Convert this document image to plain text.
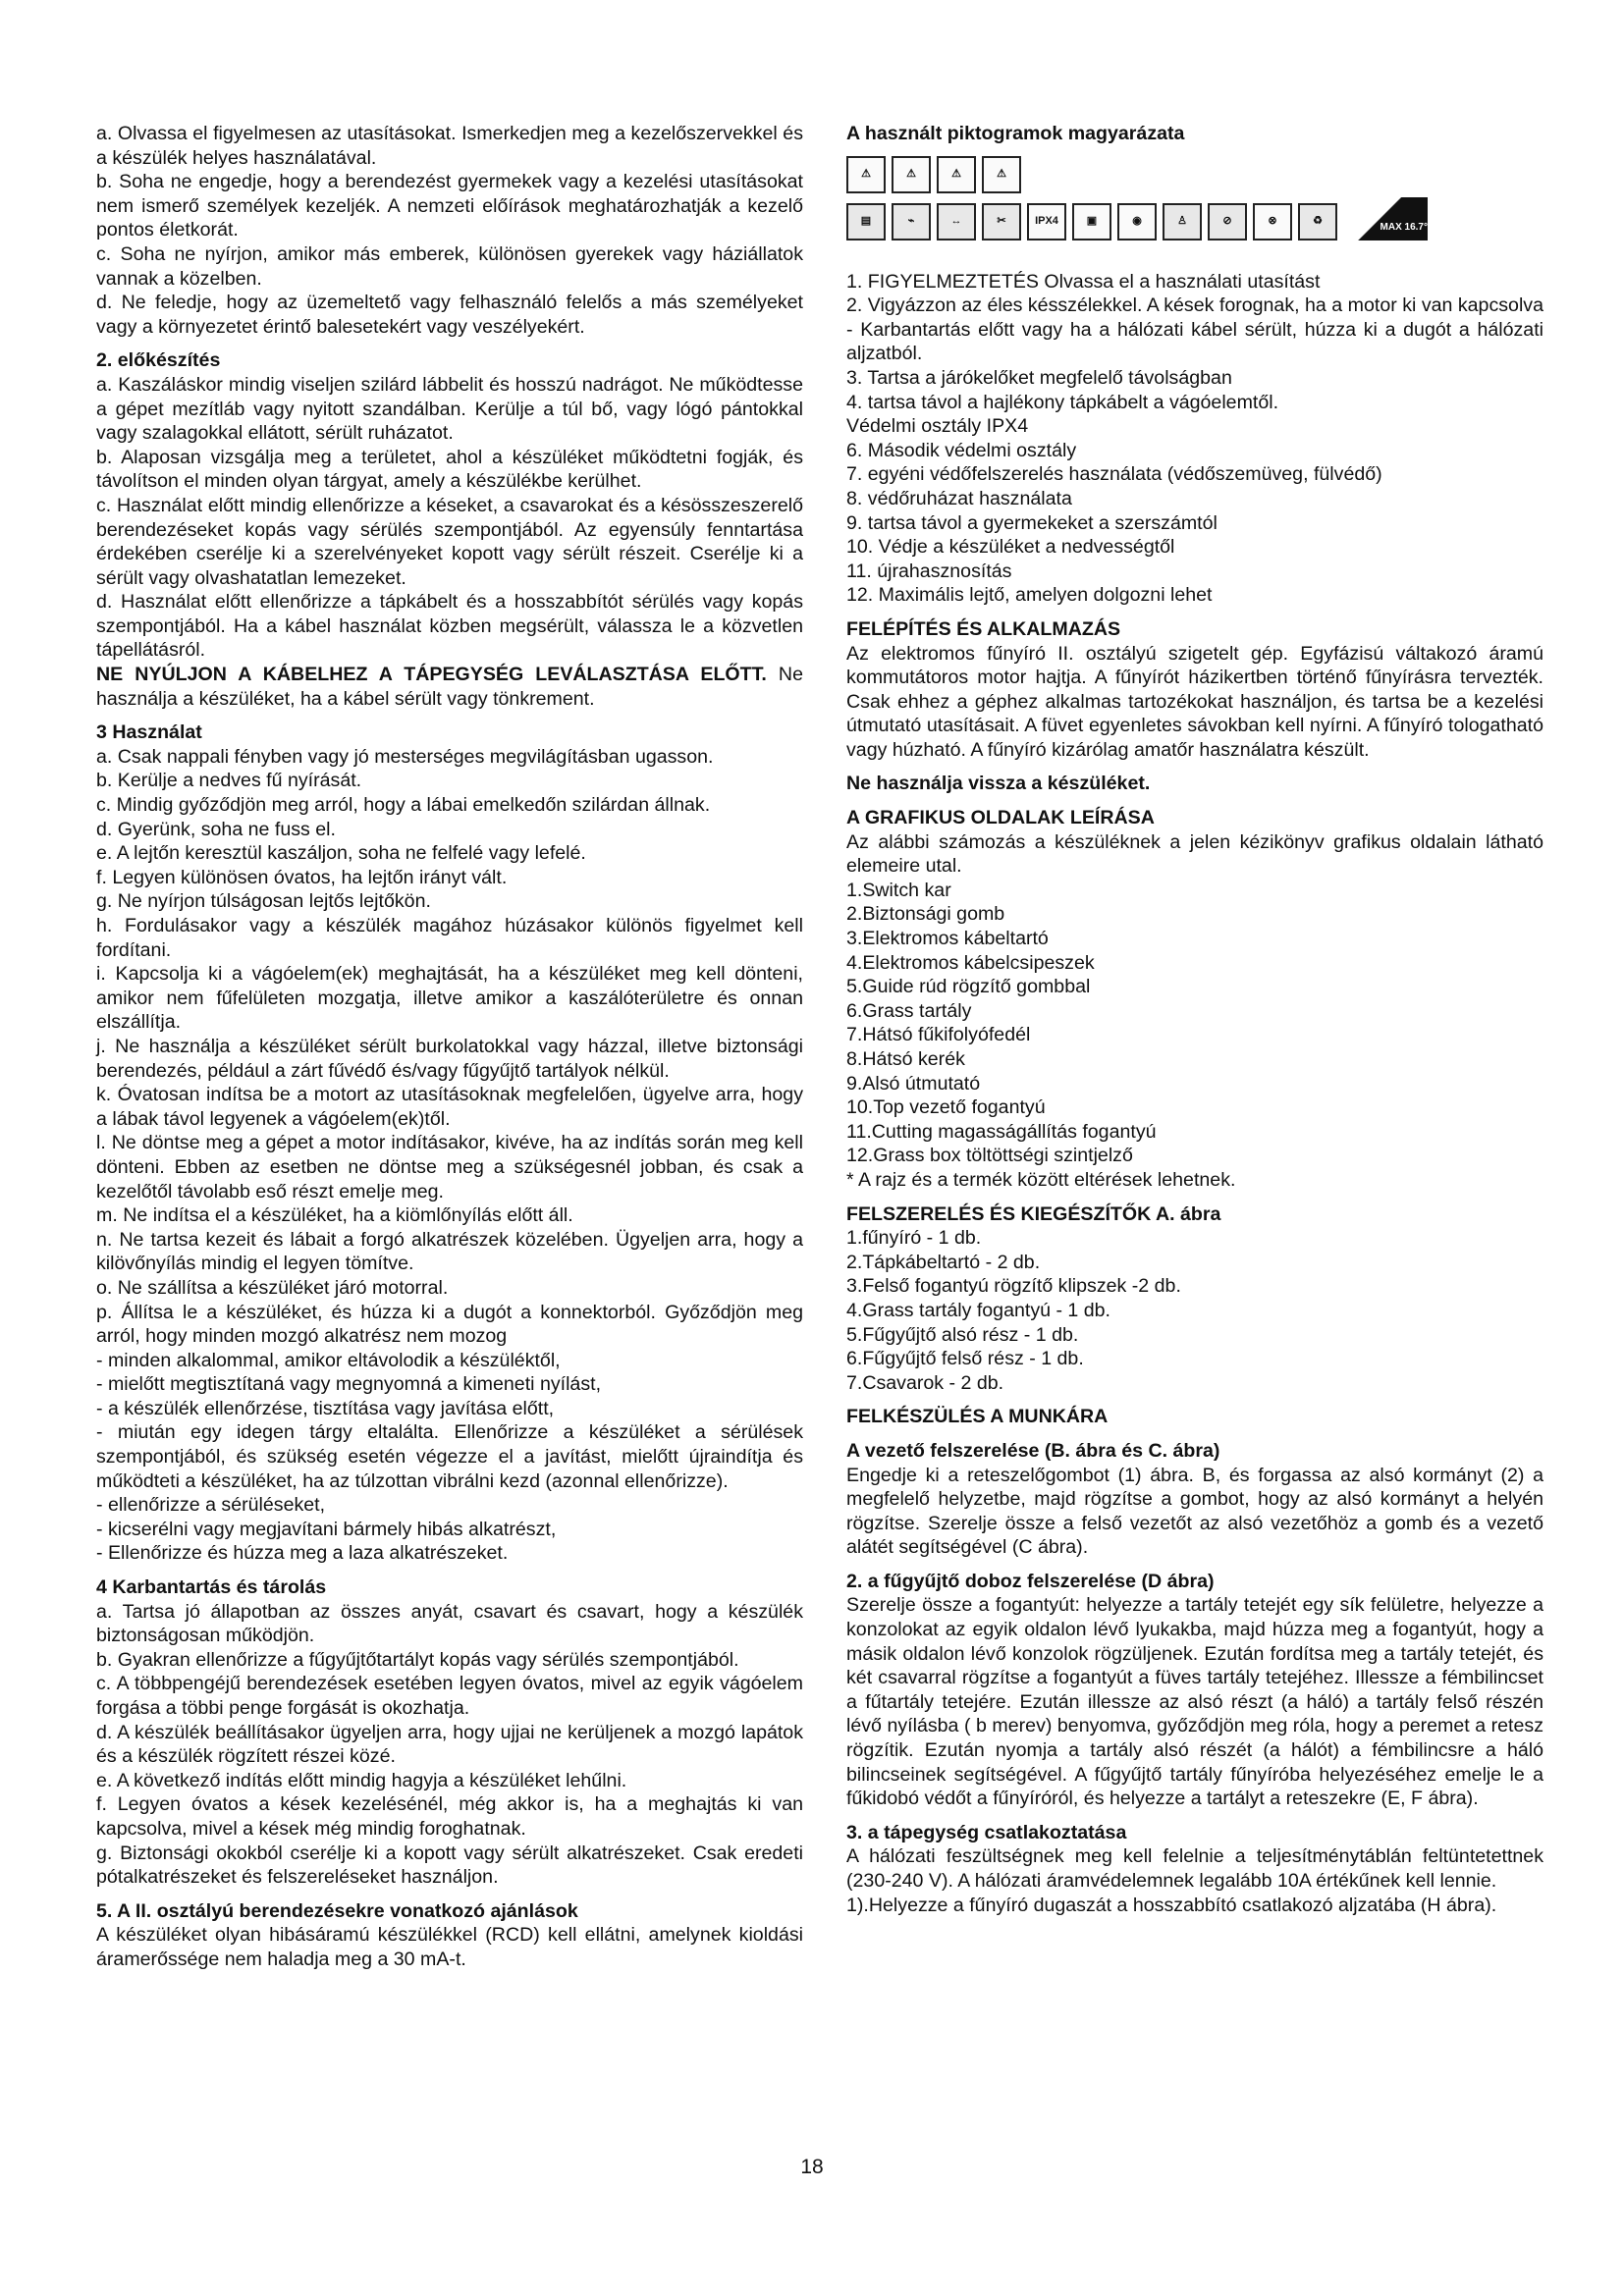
a. Olvassa el figyelmesen az utasításokat. Ismerkedjen meg a kezelőszervekkel és a készülék helyes használatával.

b. Soha ne engedje, hogy a berendezést gyermekek vagy a kezelési utasításokat nem ismerő személyek kezeljék. A nemzeti előírások meghatározhatják a kezelő pontos életkorát.

c. Soha ne nyírjon, amikor más emberek, különösen gyerekek vagy háziállatok vannak a közelben.

d. Ne feledje, hogy az üzemeltető vagy felhasználó felelős a más személyeket vagy a környezetet érintő balesetekért vagy veszélyekért.

2. előkészítés

a. Kaszáláskor mindig viseljen szilárd lábbelit és hosszú nadrágot. Ne működtesse a gépet mezítláb vagy nyitott szandálban. Kerülje a túl bő, vagy lógó pántokkal vagy szalagokkal ellátott, sérült ruházatot.

b. Alaposan vizsgálja meg a területet, ahol a készüléket működtetni fogják, és távolítson el minden olyan tárgyat, amely a készülékbe kerülhet.

c. Használat előtt mindig ellenőrizze a késeket, a csavarokat és a késösszeszerelő berendezéseket kopás vagy sérülés szempontjából. Az egyensúly fenntartása érdekében cserélje ki a szerelvényeket kopott vagy sérült részeit. Cserélje ki a sérült vagy olvashatatlan lemezeket.

d. Használat előtt ellenőrizze a tápkábelt és a hosszabbítót sérülés vagy kopás szempontjából. Ha a kábel használat közben megsérült, válassza le a közvetlen tápellátásról.

NE NYÚLJON A KÁBELHEZ A TÁPEGYSÉG LEVÁLASZTÁSA ELŐTT. Ne használja a készüléket, ha a kábel sérült vagy tönkrement.

3 Használat

a. Csak nappali fényben vagy jó mesterséges megvilágításban ugasson.

b. Kerülje a nedves fű nyírását.

c. Mindig győződjön meg arról, hogy a lábai emelkedőn szilárdan állnak.

d. Gyerünk, soha ne fuss el.

e. A lejtőn keresztül kaszáljon, soha ne felfelé vagy lefelé.

f. Legyen különösen óvatos, ha lejtőn irányt vált.

g. Ne nyírjon túlságosan lejtős lejtőkön.

h. Fordulásakor vagy a készülék magához húzásakor különös figyelmet kell fordítani.

i. Kapcsolja ki a vágóelem(ek) meghajtását, ha a készüléket meg kell dönteni, amikor nem fűfelületen mozgatja, illetve amikor a kaszálóterületre és onnan elszállítja.

j. Ne használja a készüléket sérült burkolatokkal vagy házzal, illetve biztonsági berendezés, például a zárt fűvédő és/vagy fűgyűjtő tartályok nélkül.

k. Óvatosan indítsa be a motort az utasításoknak megfelelően, ügyelve arra, hogy a lábak távol legyenek a vágóelem(ek)től.

l. Ne döntse meg a gépet a motor indításakor, kivéve, ha az indítás során meg kell dönteni. Ebben az esetben ne döntse meg a szükségesnél jobban, és csak a kezelőtől távolabb eső részt emelje meg.

m. Ne indítsa el a készüléket, ha a kiömlőnyílás előtt áll.

n. Ne tartsa kezeit és lábait a forgó alkatrészek közelében. Ügyeljen arra, hogy a kilövőnyílás mindig el legyen tömítve.

o. Ne szállítsa a készüléket járó motorral.

p. Állítsa le a készüléket, és húzza ki a dugót a konnektorból. Győződjön meg arról, hogy minden mozgó alkatrész nem mozog

- minden alkalommal, amikor eltávolodik a készüléktől,

- mielőtt megtisztítaná vagy megnyomná a kimeneti nyílást,

- a készülék ellenőrzése, tisztítása vagy javítása előtt,

- miután egy idegen tárgy eltalálta. Ellenőrizze a készüléket a sérülések szempontjából, és szükség esetén végezze el a javítást, mielőtt újraindítja és működteti a készüléket, ha az túlzottan vibrálni kezd (azonnal ellenőrizze).

- ellenőrizze a sérüléseket,

- kicserélni vagy megjavítani bármely hibás alkatrészt,

- Ellenőrizze és húzza meg a laza alkatrészeket.

4 Karbantartás és tárolás

a. Tartsa jó állapotban az összes anyát, csavart és csavart, hogy a készülék biztonságosan működjön.

b. Gyakran ellenőrizze a fűgyűjtőtartályt kopás vagy sérülés szempontjából.

c. A többpengéjű berendezések esetében legyen óvatos, mivel az egyik vágóelem forgása a többi penge forgását is okozhatja.

d. A készülék beállításakor ügyeljen arra, hogy ujjai ne kerüljenek a mozgó lapátok és a készülék rögzített részei közé.

e. A következő indítás előtt mindig hagyja a készüléket lehűlni.

f. Legyen óvatos a kések kezelésénél, még akkor is, ha a meghajtás ki van kapcsolva, mivel a kések még mindig foroghatnak.

g. Biztonsági okokból cserélje ki a kopott vagy sérült alkatrészeket. Csak eredeti pótalkatrészeket és felszereléseket használjon.

5. A II. osztályú berendezésekre vonatkozó ajánlások

A készüléket olyan hibásáramú készülékkel (RCD) kell ellátni, amelynek kioldási áramerőssége nem haladja meg a 30 mA-t.

A használt piktogramok magyarázata

⚠	⚠	⚠	⚠
▤	⌁	↔	✂	IPX4	▣	◉	♙	⊘	⊗	♻
MAX 16.7°

1. FIGYELMEZTETÉS Olvassa el a használati utasítást

2. Vigyázzon az éles késszélekkel. A kések forognak, ha a motor ki van kapcsolva - Karbantartás előtt vagy ha a hálózati kábel sérült, húzza ki a dugót a hálózati aljzatból.

3. Tartsa a járókelőket megfelelő távolságban

4. tartsa távol a hajlékony tápkábelt a vágóelemtől.

Védelmi osztály IPX4

6. Második védelmi osztály

7. egyéni védőfelszerelés használata (védőszemüveg, fülvédő)

8. védőruházat használata

9. tartsa távol a gyermekeket a szerszámtól

10. Védje a készüléket a nedvességtől

11. újrahasznosítás

12. Maximális lejtő, amelyen dolgozni lehet

FELÉPÍTÉS ÉS ALKALMAZÁS

Az elektromos fűnyíró II. osztályú szigetelt gép. Egyfázisú váltakozó áramú kommutátoros motor hajtja. A fűnyírót házikertben történő fűnyírásra tervezték. Csak ehhez a géphez alkalmas tartozékokat használjon, és tartsa be a kezelési útmutató utasításait. A füvet egyenletes sávokban kell nyírni. A fűnyíró tologatható vagy húzható. A fűnyíró kizárólag amatőr használatra készült.

Ne használja vissza a készüléket.

A GRAFIKUS OLDALAK LEÍRÁSA

Az alábbi számozás a készüléknek a jelen kézikönyv grafikus oldalain látható elemeire utal.

1.Switch kar

2.Biztonsági gomb

3.Elektromos kábeltartó

4.Elektromos kábelcsipeszek

5.Guide rúd rögzítő gombbal

6.Grass tartály

7.Hátsó fűkifolyófedél

8.Hátsó kerék

9.Alsó útmutató

10.Top vezető fogantyú

11.Cutting magasságállítás fogantyú

12.Grass box töltöttségi szintjelző

* A rajz és a termék között eltérések lehetnek.

FELSZERELÉS ÉS KIEGÉSZÍTŐK A. ábra

1.fűnyíró - 1 db.

2.Tápkábeltartó - 2 db.

3.Felső fogantyú rögzítő klipszek -2 db.

4.Grass tartály fogantyú - 1 db.

5.Fűgyűjtő alsó rész - 1 db.

6.Fűgyűjtő felső rész - 1 db.

7.Csavarok - 2 db.

FELKÉSZÜLÉS A MUNKÁRA

A vezető felszerelése (B. ábra és C. ábra)

Engedje ki a reteszelőgombot (1) ábra. B, és forgassa az alsó kormányt (2) a megfelelő helyzetbe, majd rögzítse a gombot, hogy az alsó kormányt a helyén rögzítse. Szerelje össze a felső vezetőt az alsó vezetőhöz a gomb és a vezető alátét segítségével (C ábra).

2. a fűgyűjtő doboz felszerelése (D ábra)

Szerelje össze a fogantyút: helyezze a tartály tetejét egy sík felületre, helyezze a konzolokat az egyik oldalon lévő lyukakba, majd húzza meg a fogantyút, hogy a másik oldalon lévő konzolok rögzüljenek. Ezután fordítsa meg a tartály tetejét, és két csavarral rögzítse a fogantyút a füves tartály tetejéhez. Illessze a fémbilincset a fűtartály tetejére. Ezután illessze az alsó részt (a háló) a tartály felső részén lévő nyílásba ( b merev) benyomva, győződjön meg róla, hogy a peremet a retesz rögzítik. Ezután nyomja a tartály alsó részét (a hálót) a fémbilincsre a háló bilincseinek segítségével. A fűgyűjtő tartály fűnyíróba helyezéséhez emelje le a fűkidobó védőt a fűnyíróról, és helyezze a tartályt a reteszekre (E, F ábra).

3. a tápegység csatlakoztatása

A hálózati feszültségnek meg kell felelnie a teljesítménytáblán feltüntetettnek (230-240 V). A hálózati áramvédelemnek legalább 10A értékűnek kell lennie.

1).Helyezze a fűnyíró dugaszát a hosszabbító csatlakozó aljzatába (H ábra).

18
